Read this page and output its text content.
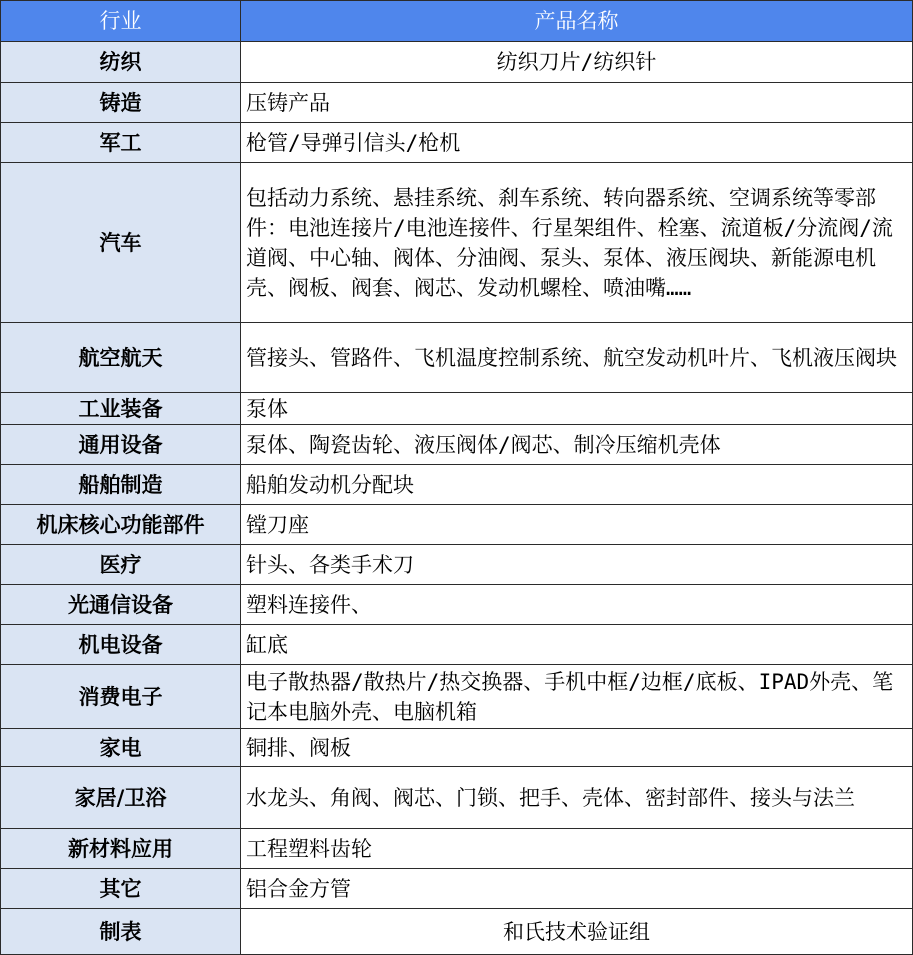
行业	产品名称
纺织	纺织刀片/纺织针
铸造	压铸产品
军工	枪管/导弹引信头/枪机
汽车	包括动力系统、悬挂系统、刹车系统、转向器系统、空调系统等零部件：电池连接片/电池连接件、行星架组件、栓塞、流道板/分流阀/流道阀、中心轴、阀体、分油阀、泵头、泵体、液压阀块、新能源电机壳、阀板、阀套、阀芯、发动机螺栓、喷油嘴……
航空航天	管接头、管路件、飞机温度控制系统、航空发动机叶片、飞机液压阀块
工业装备	泵体
通用设备	泵体、陶瓷齿轮、液压阀体/阀芯、制冷压缩机壳体
船舶制造	船舶发动机分配块
机床核心功能部件	镗刀座
医疗	针头、各类手术刀
光通信设备	塑料连接件、
机电设备	缸底
消费电子	电子散热器/散热片/热交换器、手机中框/边框/底板、IPAD外壳、笔记本电脑外壳、电脑机箱
家电	铜排、阀板
家居/卫浴	水龙头、角阀、阀芯、门锁、把手、壳体、密封部件、接头与法兰
新材料应用	工程塑料齿轮
其它	铝合金方管
制表	和氏技术验证组
